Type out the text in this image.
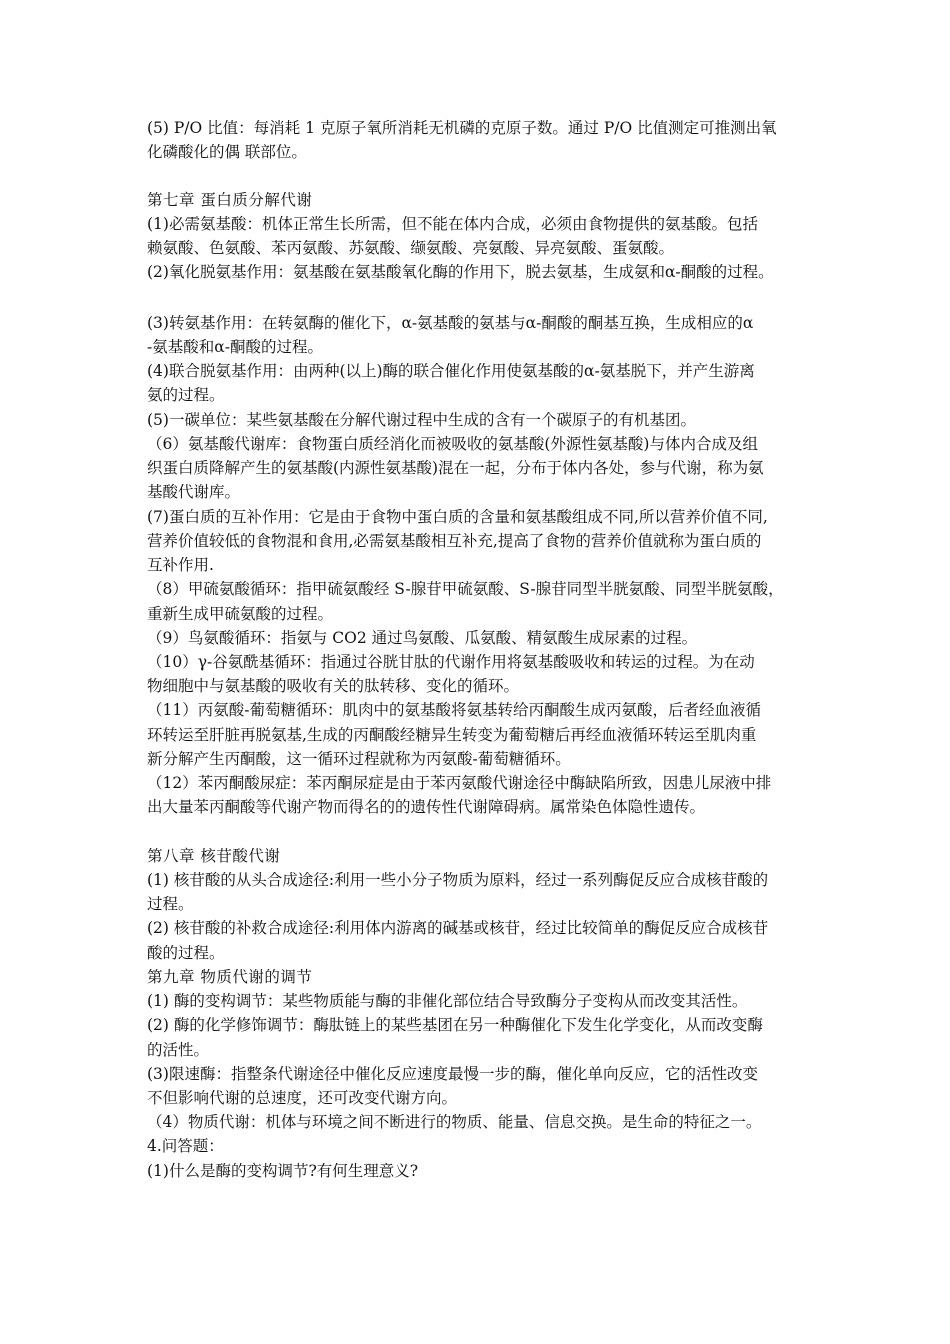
(5) P/O 比值：每消耗 1 克原子氧所消耗无机磷的克原子数。通过 P/O 比值测定可推测出氧
化磷酸化的偶 联部位。
第七章 蛋白质分解代谢
(1)必需氨基酸：机体正常生长所需，但不能在体内合成，必须由食物提供的氨基酸。包括
赖氨酸、色氨酸、苯丙氨酸、苏氨酸、缬氨酸、亮氨酸、异亮氨酸、蛋氨酸。
(2)氧化脱氨基作用：氨基酸在氨基酸氧化酶的作用下，脱去氨基，生成氨和α-酮酸的过程。
(3)转氨基作用：在转氨酶的催化下，α-氨基酸的氨基与α-酮酸的酮基互换，生成相应的α
-氨基酸和α-酮酸的过程。
(4)联合脱氨基作用：由两种(以上)酶的联合催化作用使氨基酸的α-氨基脱下，并产生游离
氨的过程。
(5)一碳单位：某些氨基酸在分解代谢过程中生成的含有一个碳原子的有机基团。
（6）氨基酸代谢库：食物蛋白质经消化而被吸收的氨基酸(外源性氨基酸)与体内合成及组
织蛋白质降解产生的氨基酸(内源性氨基酸)混在一起，分布于体内各处，参与代谢，称为氨
基酸代谢库。
(7)蛋白质的互补作用：它是由于食物中蛋白质的含量和氨基酸组成不同,所以营养价值不同,
营养价值较低的食物混和食用,必需氨基酸相互补充,提高了食物的营养价值就称为蛋白质的
互补作用.
（8）甲硫氨酸循环：指甲硫氨酸经 S-腺苷甲硫氨酸、S-腺苷同型半胱氨酸、同型半胱氨酸，
重新生成甲硫氨酸的过程。
（9）鸟氨酸循环：指氨与 CO2 通过鸟氨酸、瓜氨酸、精氨酸生成尿素的过程。
（10）γ-谷氨酰基循环：指通过谷胱甘肽的代谢作用将氨基酸吸收和转运的过程。为在动
物细胞中与氨基酸的吸收有关的肽转移、变化的循环。
（11）丙氨酸-葡萄糖循环：肌肉中的氨基酸将氨基转给丙酮酸生成丙氨酸，后者经血液循
环转运至肝脏再脱氨基,生成的丙酮酸经糖异生转变为葡萄糖后再经血液循环转运至肌肉重
新分解产生丙酮酸，这一循环过程就称为丙氨酸-葡萄糖循环。
（12）苯丙酮酸尿症：苯丙酮尿症是由于苯丙氨酸代谢途径中酶缺陷所致，因患儿尿液中排
出大量苯丙酮酸等代谢产物而得名的的遗传性代谢障碍病。属常染色体隐性遗传。
第八章 核苷酸代谢
(1) 核苷酸的从头合成途径:利用一些小分子物质为原料，经过一系列酶促反应合成核苷酸的
过程。
(2) 核苷酸的补救合成途径:利用体内游离的碱基或核苷，经过比较简单的酶促反应合成核苷
酸的过程。
第九章 物质代谢的调节
(1) 酶的变构调节：某些物质能与酶的非催化部位结合导致酶分子变构从而改变其活性。
(2) 酶的化学修饰调节：酶肽链上的某些基团在另一种酶催化下发生化学变化，从而改变酶
的活性。
(3)限速酶：指整条代谢途径中催化反应速度最慢一步的酶，催化单向反应，它的活性改变
不但影响代谢的总速度，还可改变代谢方向。
（4）物质代谢：机体与环境之间不断进行的物质、能量、信息交换。是生命的特征之一。
4.问答题：
(1)什么是酶的变构调节?有何生理意义?
